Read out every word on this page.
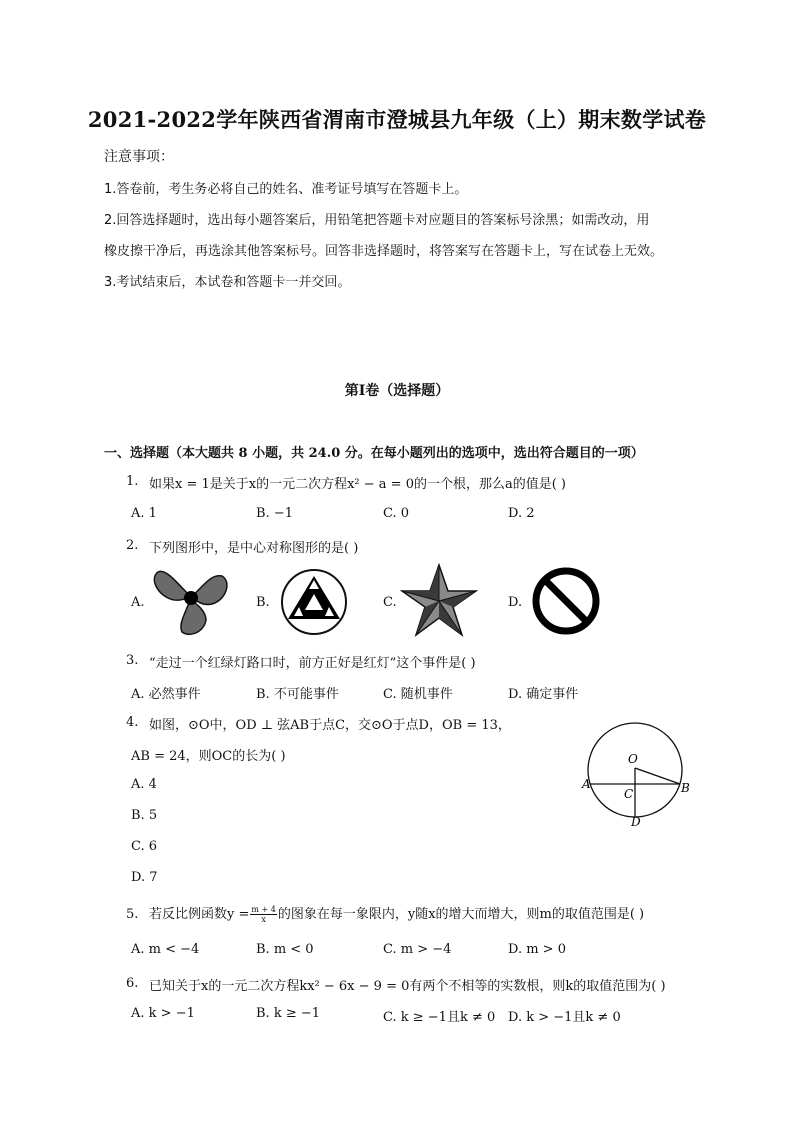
2021-2022学年陕西省渭南市澄城县九年级（上）期末数学试卷
注意事项：
1.答卷前，考生务必将自己的姓名、准考证号填写在答题卡上。
2.回答选择题时，选出每小题答案后，用铅笔把答题卡对应题目的答案标号涂黑；如需改动，用
橡皮擦干净后，再选涂其他答案标号。回答非选择题时，将答案写在答题卡上，写在试卷上无效。
3.考试结束后，本试卷和答题卡一并交回。
第I卷（选择题）
一、选择题（本大题共 8 小题，共 24.0 分。在每小题列出的选项中，选出符合题目的一项）
1. 如果x = 1是关于x的一元二次方程x² − a = 0的一个根，那么a的值是( )
A. 1	B. −1	C. 0	D. 2
2. 下列图形中，是中心对称图形的是( )
A.	B.	C.	D.
3. “走过一个红绿灯路口时，前方正好是红灯”这个事件是( )
A. 必然事件	B. 不可能事件	C. 随机事件	D. 确定事件
4. 如图，⊙O中，OD ⊥ 弦AB于点C，交⊙O于点D，OB = 13，
AB = 24，则OC的长为( )
A. 4
B. 5
C. 6
D. 7
O
A	B
C
D
5. 若反比例函数$y = \frac{m + 4}{x}$ 的图象在每一象限内，y随x的增大而增大，则m的取值范围是( )
A. m < −4	B. m < 0	C. m > −4	D. m > 0
6. 已知关于x的一元二次方程kx² − 6x − 9 = 0有两个不相等的实数根，则k的取值范围为( )
A. k > −1	B. k ≥ −1	C. k ≥ −1且k ≠ 0 D. k > −1且k ≠ 0
